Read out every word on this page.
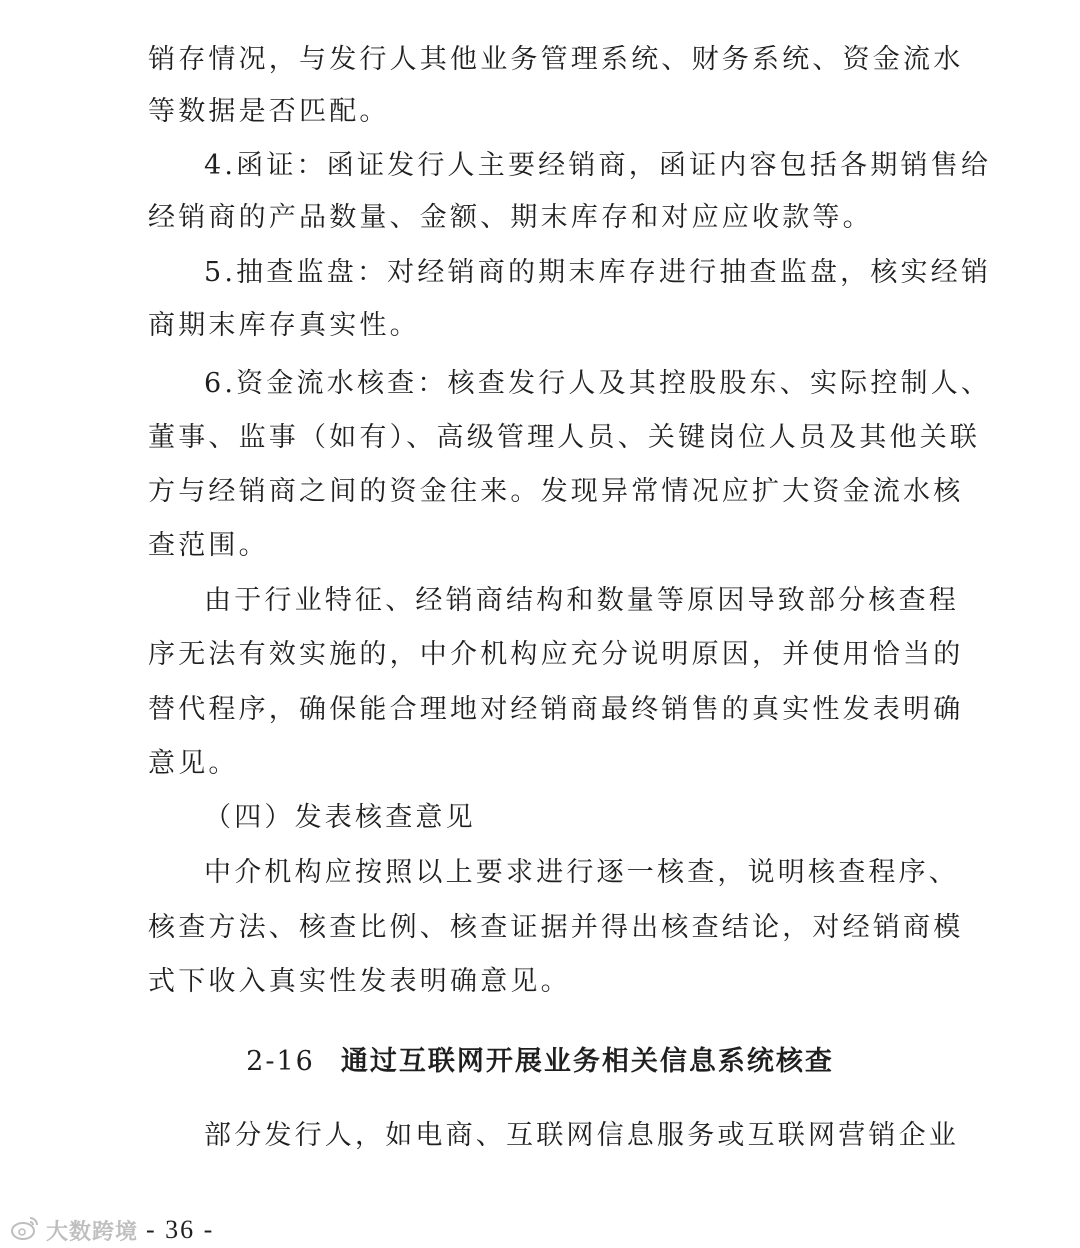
销存情况，与发行人其他业务管理系统、财务系统、资金流水
等数据是否匹配。
4.函证：函证发行人主要经销商，函证内容包括各期销售给
经销商的产品数量、金额、期末库存和对应应收款等。
5.抽查监盘：对经销商的期末库存进行抽查监盘，核实经销
商期末库存真实性。
6.资金流水核查：核查发行人及其控股股东、实际控制人、
董事、监事（如有）、高级管理人员、关键岗位人员及其他关联
方与经销商之间的资金往来。发现异常情况应扩大资金流水核
查范围。
由于行业特征、经销商结构和数量等原因导致部分核查程
序无法有效实施的，中介机构应充分说明原因，并使用恰当的
替代程序，确保能合理地对经销商最终销售的真实性发表明确
意见。
（四）发表核查意见
中介机构应按照以上要求进行逐一核查，说明核查程序、
核查方法、核查比例、核查证据并得出核查结论，对经销商模
式下收入真实性发表明确意见。
2-16 通过互联网开展业务相关信息系统核查
部分发行人，如电商、互联网信息服务或互联网营销企业
大数跨境 - 36 -
